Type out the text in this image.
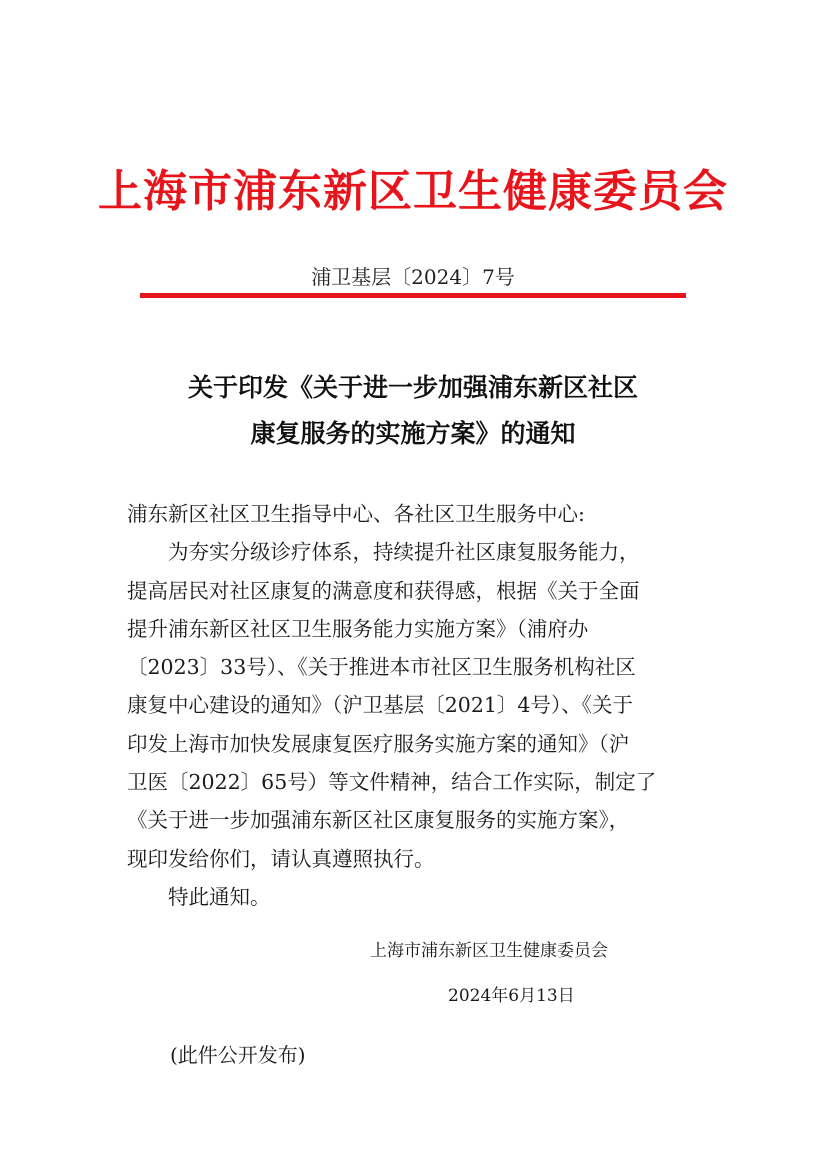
上海市浦东新区卫生健康委员会
浦卫基层〔2024〕7号
关于印发《关于进一步加强浦东新区社区
康复服务的实施方案》的通知

浦东新区社区卫生指导中心、各社区卫生服务中心:

为夯实分级诊疗体系，持续提升社区康复服务能力，

提高居民对社区康复的满意度和获得感，根据《关于全面

提升浦东新区社区卫生服务能力实施方案》（浦府办

〔2023〕33号）、《关于推进本市社区卫生服务机构社区

康复中心建设的通知》（沪卫基层〔2021〕4号）、《关于

印发上海市加快发展康复医疗服务实施方案的通知》（沪

卫医〔2022〕65号）等文件精神，结合工作实际，制定了

《关于进一步加强浦东新区社区康复服务的实施方案》，

现印发给你们，请认真遵照执行。

特此通知。

上海市浦东新区卫生健康委员会
2024年6月13日
(此件公开发布)
